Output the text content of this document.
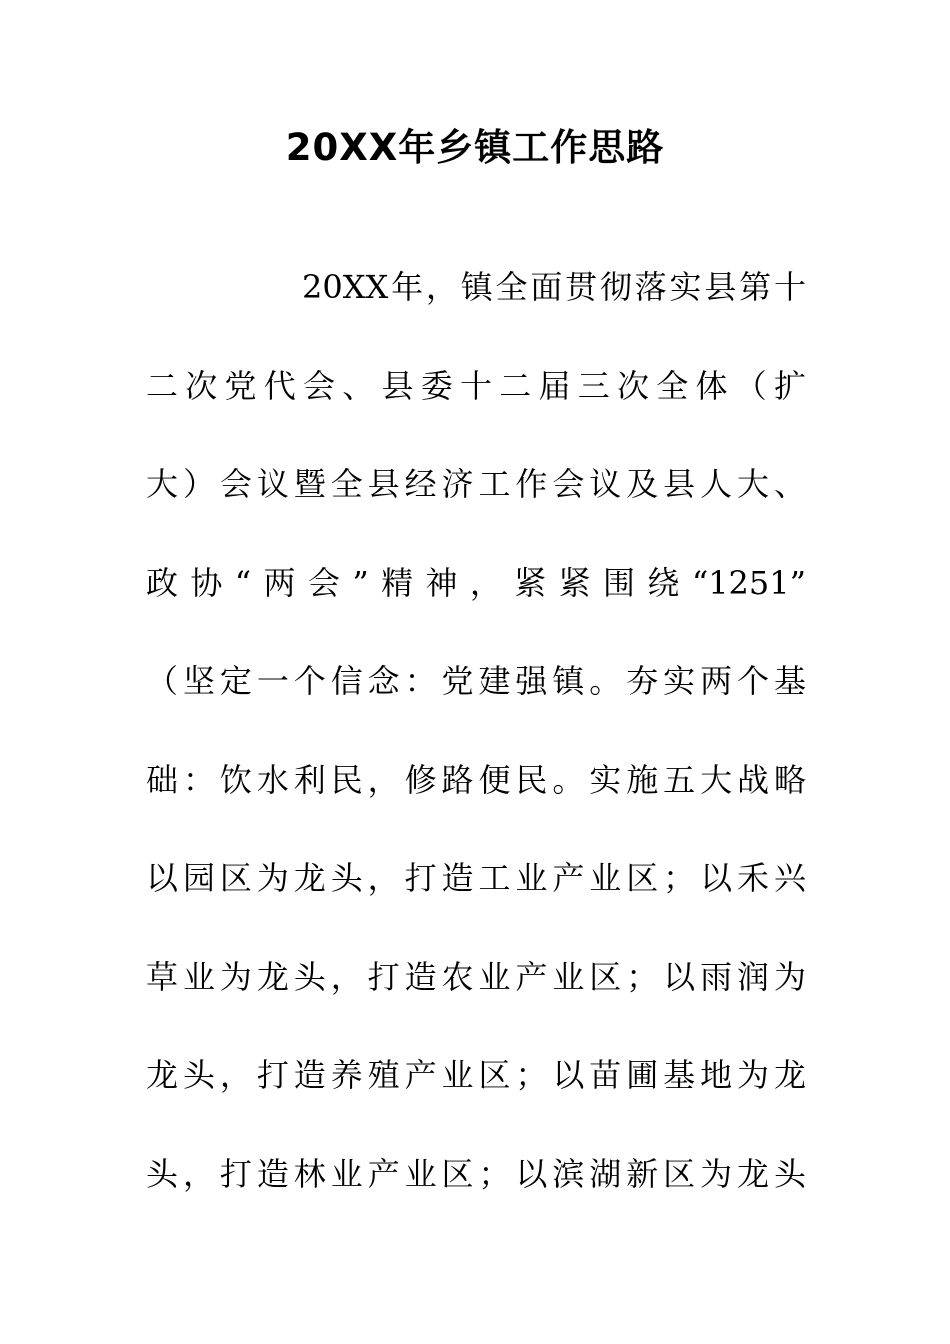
20XX年乡镇工作思路
20XX年，镇全面贯彻落实县第十
二次党代会、县委十二届三次全体（扩
大）会议暨全县经济工作会议及县人大、
政协“两会”精神，紧紧围绕“1251”
（坚定一个信念：党建强镇。夯实两个基
础：饮水利民，修路便民。实施五大战略
以园区为龙头，打造工业产业区；以禾兴
草业为龙头，打造农业产业区；以雨润为
龙头，打造养殖产业区；以苗圃基地为龙
头，打造林业产业区；以滨湖新区为龙头
